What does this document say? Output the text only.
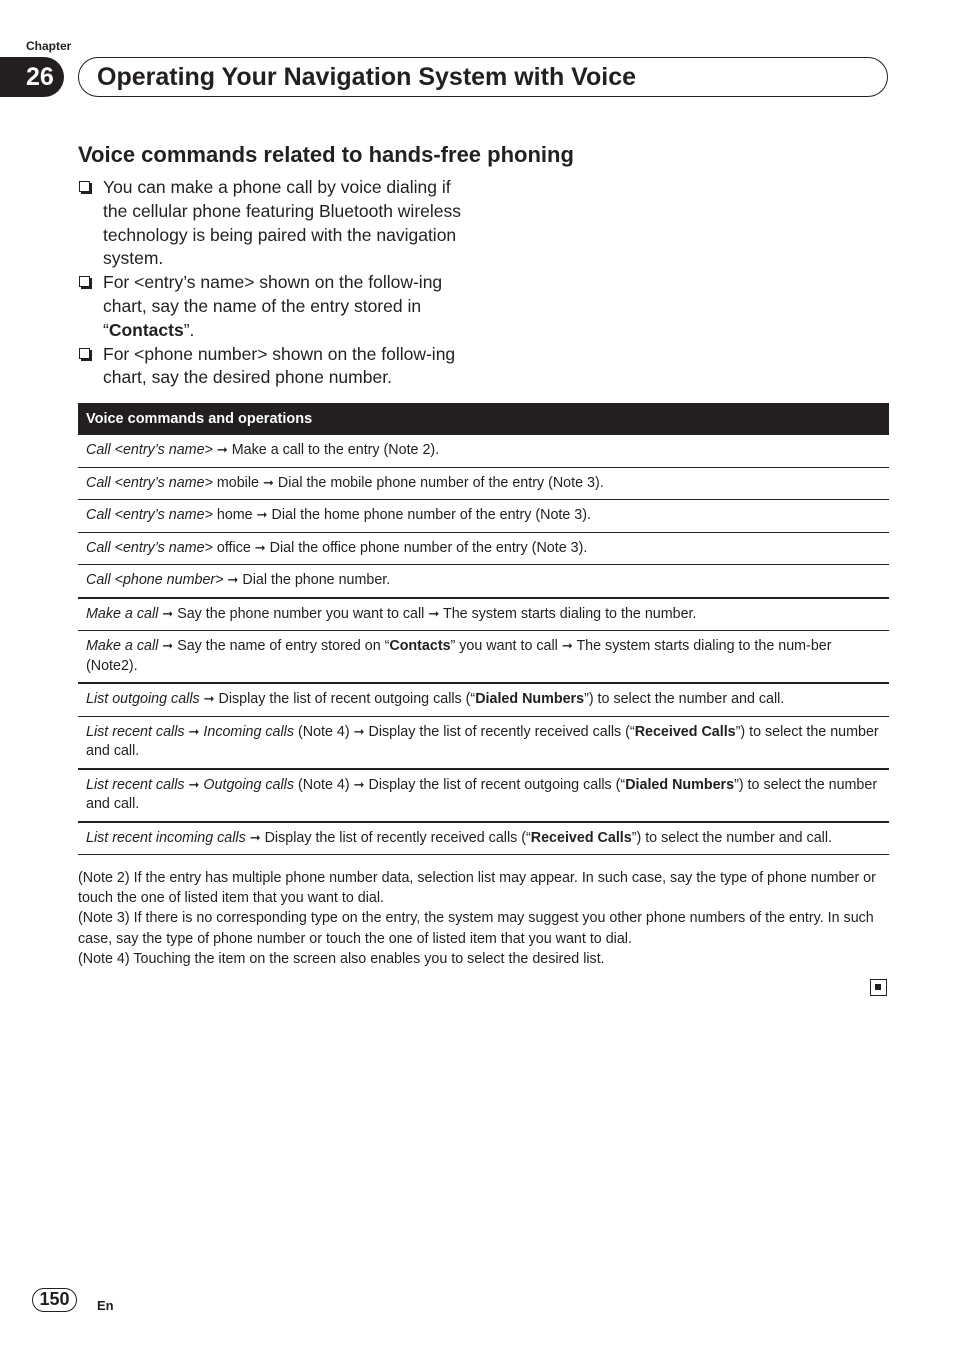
Chapter
26	Operating Your Navigation System with Voice
Voice commands related to hands-free phoning
You can make a phone call by voice dialing if the cellular phone featuring Bluetooth wireless technology is being paired with the navigation system.
For <entry’s name> shown on the follow-ing chart, say the name of the entry stored in “Contacts”.
For <phone number> shown on the follow-ing chart, say the desired phone number.
Voice commands and operations
Call <entry’s name> ➞ Make a call to the entry (Note 2).
Call <entry’s name> mobile ➞ Dial the mobile phone number of the entry (Note 3).
Call <entry’s name> home ➞ Dial the home phone number of the entry (Note 3).
Call <entry’s name> office ➞ Dial the office phone number of the entry (Note 3).
Call <phone number> ➞ Dial the phone number.
Make a call ➞ Say the phone number you want to call ➞ The system starts dialing to the number.
Make a call ➞ Say the name of entry stored on “Contacts” you want to call ➞ The system starts dialing to the num-ber (Note2).
List outgoing calls ➞ Display the list of recent outgoing calls (“Dialed Numbers”) to select the number and call.
List recent calls ➞ Incoming calls (Note 4) ➞ Display the list of recently received calls (“Received Calls”) to select the number and call.
List recent calls ➞ Outgoing calls (Note 4) ➞ Display the list of recent outgoing calls (“Dialed Numbers”) to select the number and call.
List recent incoming calls ➞ Display the list of recently received calls (“Received Calls”) to select the number and call.

(Note 2) If the entry has multiple phone number data, selection list may appear. In such case, say the type of phone number or touch the one of listed item that you want to dial.

(Note 3) If there is no corresponding type on the entry, the system may suggest you other phone numbers of the entry. In such case, say the type of phone number or touch the one of listed item that you want to dial.

(Note 4) Touching the item on the screen also enables you to select the desired list.

150	En
